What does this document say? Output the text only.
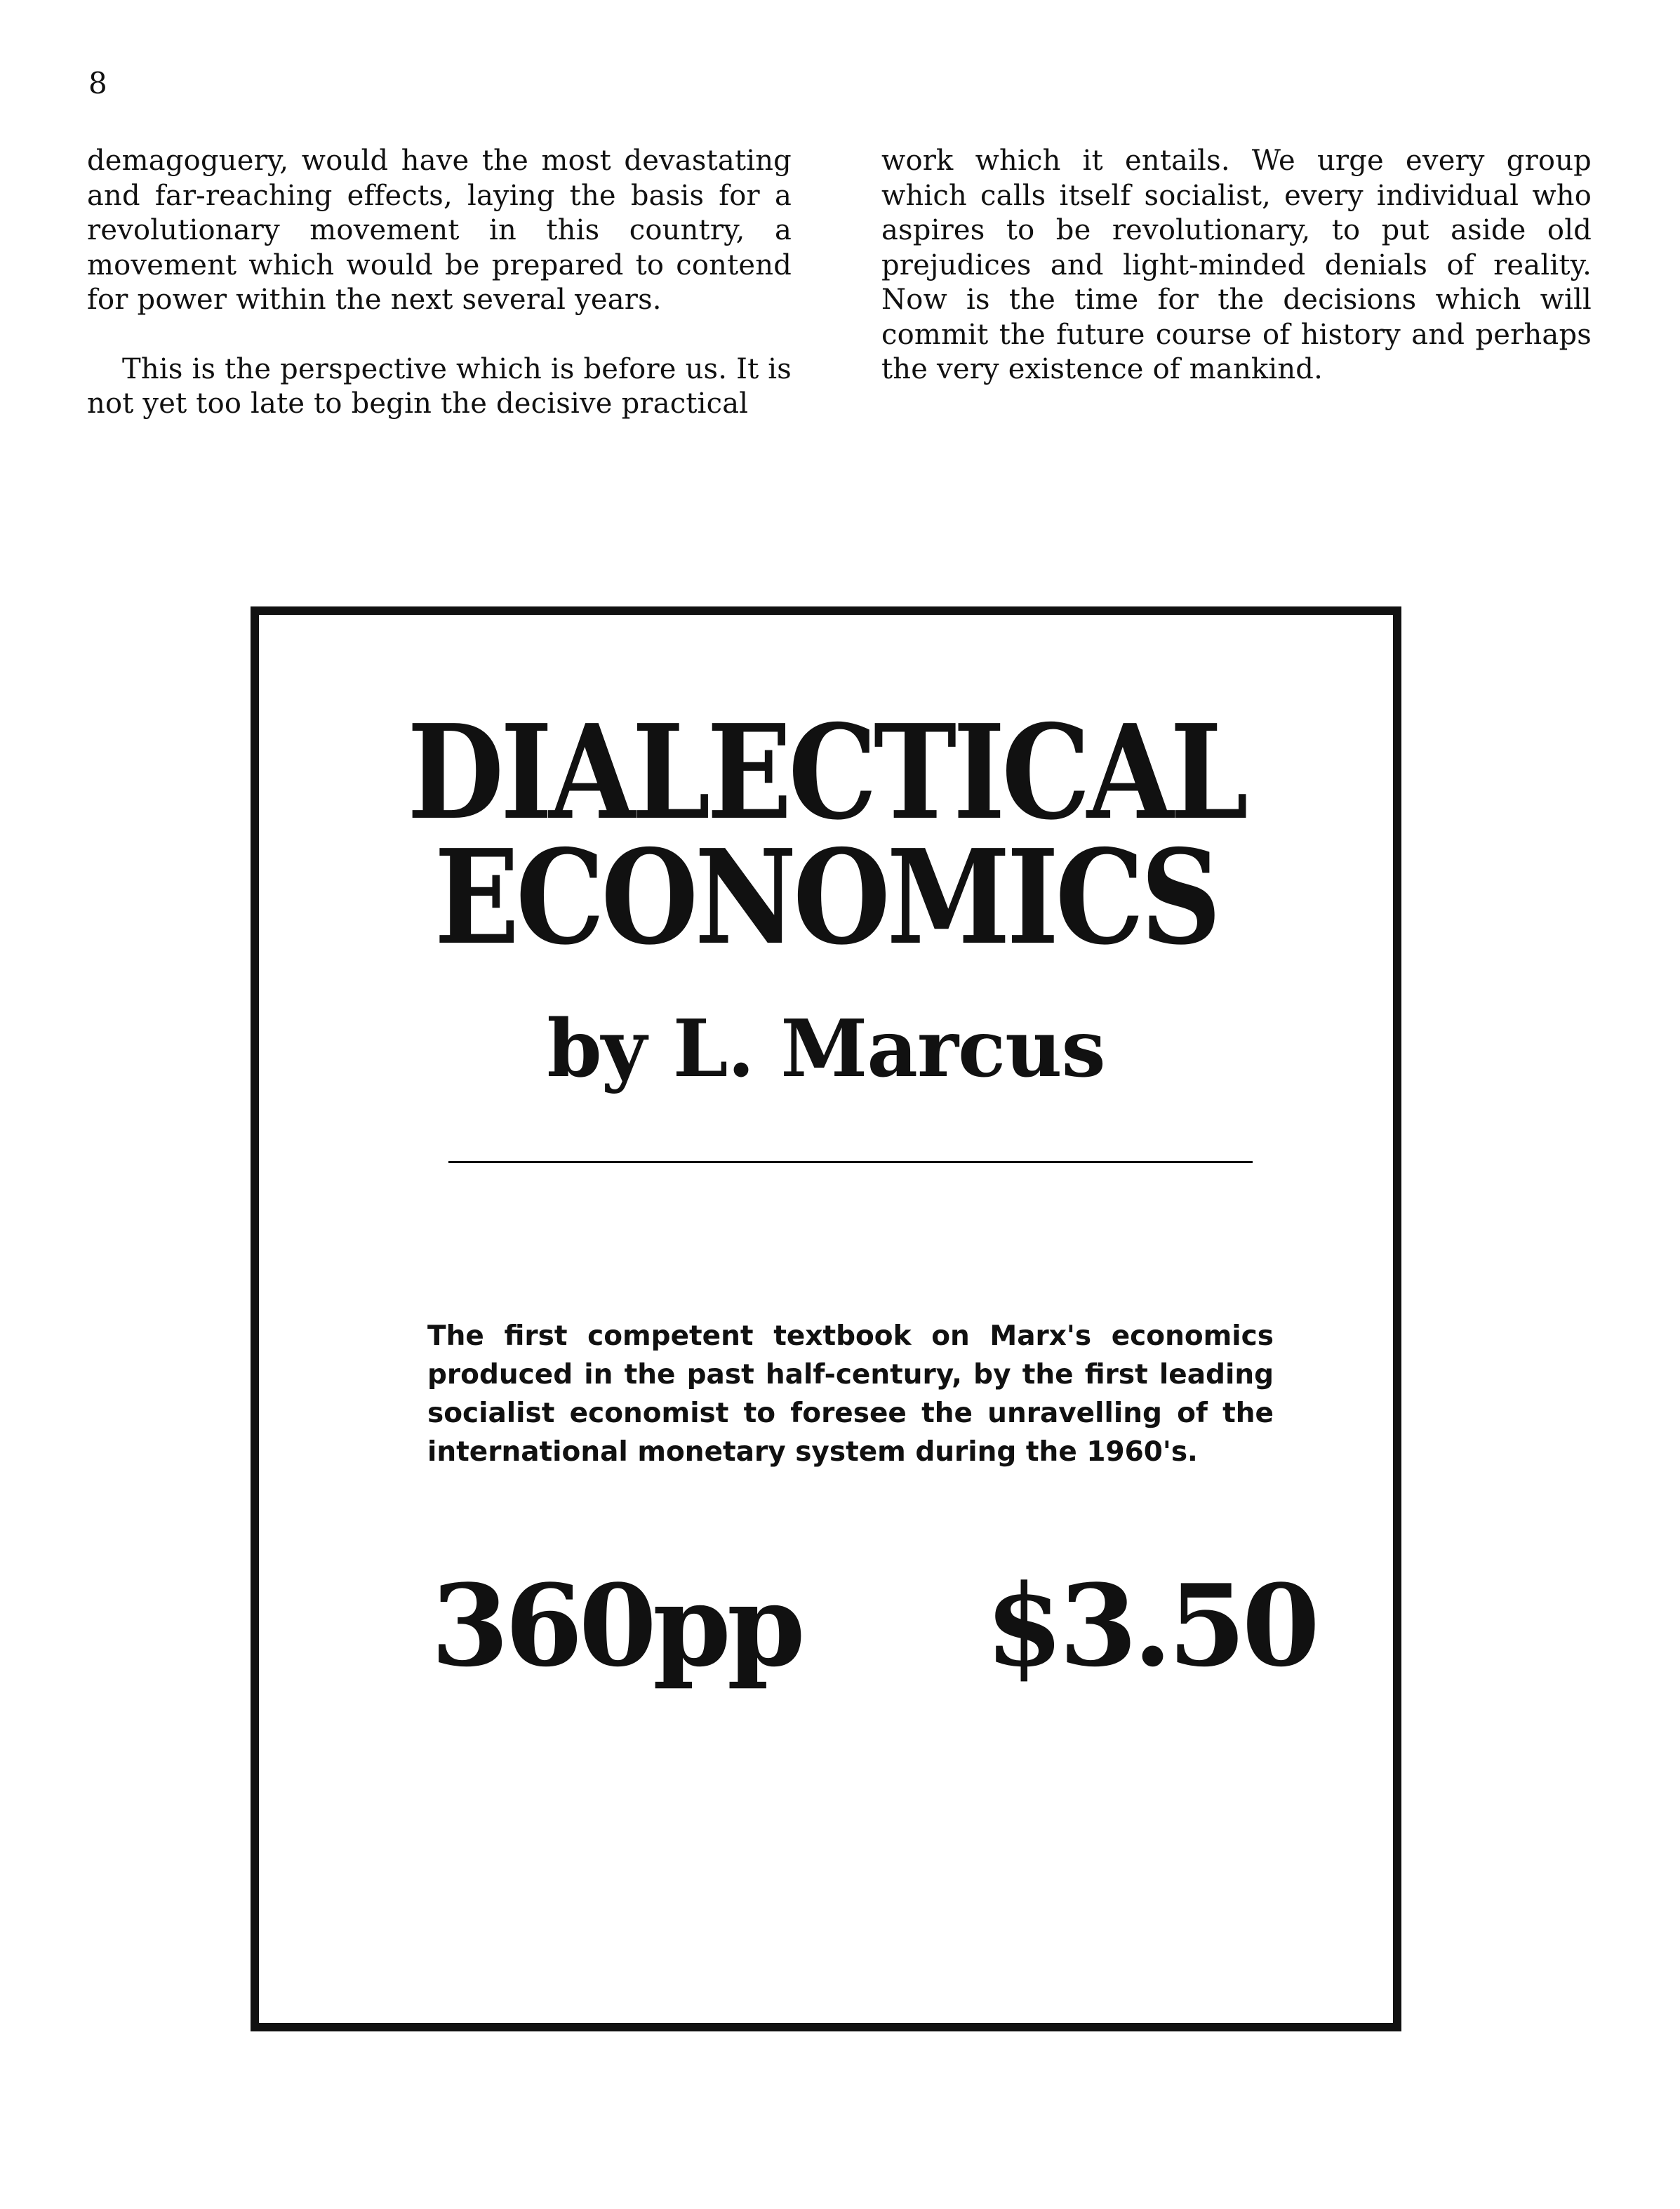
8

demagoguery, would have the most devastating and far-reaching effects, laying the basis for a revolutionary movement in this country, a movement which would be prepared to contend for power within the next several years.

This is the perspective which is before us. It is not yet too late to begin the decisive practical

work which it entails. We urge every group which calls itself socialist, every individual who aspires to be revolutionary, to put aside old prejudices and light-minded denials of reality. Now is the time for the decisions which will commit the future course of history and perhaps the very existence of mankind.

DIALECTICAL
ECONOMICS
by L. Marcus
The first competent textbook on Marx's economics produced in the past half-century, by the first leading socialist economist to foresee the unravelling of the international monetary system during the 1960's.
360pp $3.50
